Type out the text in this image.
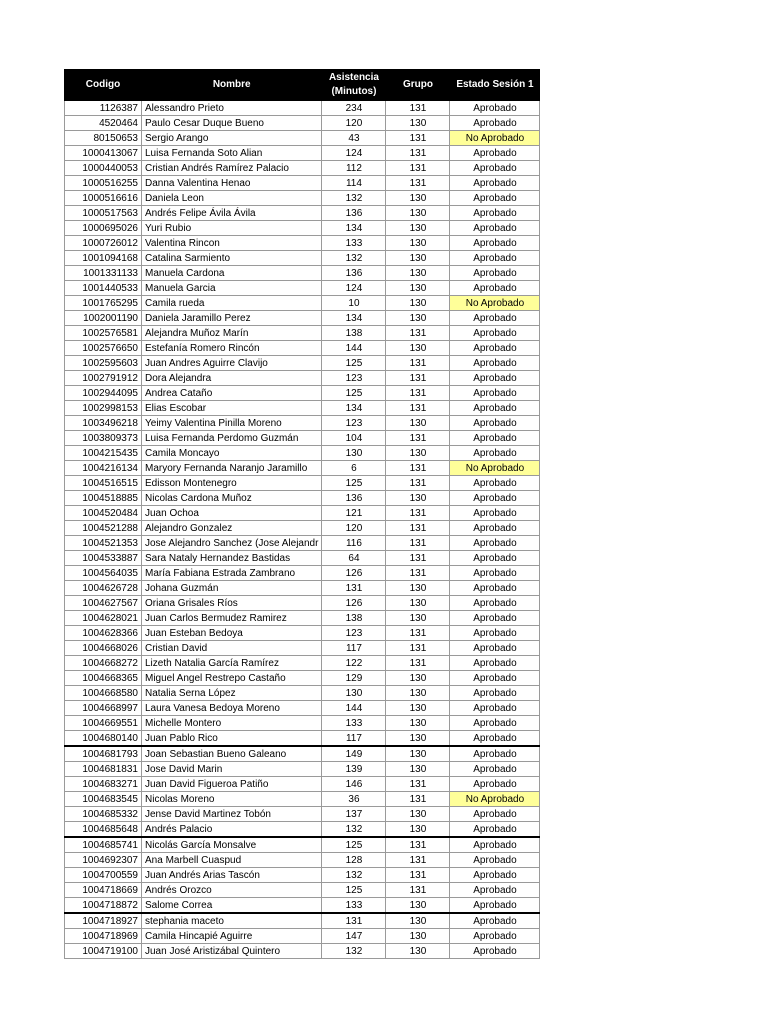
Codigo	Nombre	Asistencia (Minutos)	Grupo	Estado Sesión 1
1126387	Alessandro Prieto	234	131	Aprobado
4520464	Paulo Cesar Duque Bueno	120	130	Aprobado
80150653	Sergio Arango	43	131	No Aprobado
1000413067	Luisa Fernanda Soto Alian	124	131	Aprobado
1000440053	Cristian Andrés Ramírez Palacio	112	131	Aprobado
1000516255	Danna Valentina Henao	114	131	Aprobado
1000516616	Daniela Leon	132	130	Aprobado
1000517563	Andrés Felipe Ávila Ávila	136	130	Aprobado
1000695026	Yuri Rubio	134	130	Aprobado
1000726012	Valentina Rincon	133	130	Aprobado
1001094168	Catalina Sarmiento	132	130	Aprobado
1001331133	Manuela Cardona	136	130	Aprobado
1001440533	Manuela Garcia	124	130	Aprobado
1001765295	Camila rueda	10	130	No Aprobado
1002001190	Daniela Jaramillo Perez	134	130	Aprobado
1002576581	Alejandra Muñoz Marín	138	131	Aprobado
1002576650	Estefanía Romero Rincón	144	130	Aprobado
1002595603	Juan Andres Aguirre Clavijo	125	131	Aprobado
1002791912	Dora Alejandra	123	131	Aprobado
1002944095	Andrea Cataño	125	131	Aprobado
1002998153	Elias Escobar	134	131	Aprobado
1003496218	Yeimy Valentina Pinilla Moreno	123	130	Aprobado
1003809373	Luisa Fernanda Perdomo Guzmán	104	131	Aprobado
1004215435	Camila Moncayo	130	130	Aprobado
1004216134	Maryory Fernanda Naranjo Jaramillo	6	131	No Aprobado
1004516515	Edisson Montenegro	125	131	Aprobado
1004518885	Nicolas Cardona Muñoz	136	130	Aprobado
1004520484	Juan Ochoa	121	131	Aprobado
1004521288	Alejandro Gonzalez	120	131	Aprobado
1004521353	Jose Alejandro Sanchez (Jose Alejandr	116	131	Aprobado
1004533887	Sara Nataly Hernandez Bastidas	64	131	Aprobado
1004564035	María Fabiana Estrada Zambrano	126	131	Aprobado
1004626728	Johana Guzmán	131	130	Aprobado
1004627567	Oriana Grisales Ríos	126	130	Aprobado
1004628021	Juan Carlos Bermudez Ramirez	138	130	Aprobado
1004628366	Juan Esteban Bedoya	123	131	Aprobado
1004668026	Cristian David	117	131	Aprobado
1004668272	Lizeth Natalia García Ramírez	122	131	Aprobado
1004668365	Miguel Angel Restrepo Castaño	129	130	Aprobado
1004668580	Natalia Serna López	130	130	Aprobado
1004668997	Laura Vanesa Bedoya Moreno	144	130	Aprobado
1004669551	Michelle Montero	133	130	Aprobado
1004680140	Juan Pablo Rico	117	130	Aprobado
1004681793	Joan Sebastian Bueno Galeano	149	130	Aprobado
1004681831	Jose David Marin	139	130	Aprobado
1004683271	Juan David Figueroa Patiño	146	131	Aprobado
1004683545	Nicolas Moreno	36	131	No Aprobado
1004685332	Jense David Martinez Tobón	137	130	Aprobado
1004685648	Andrés Palacio	132	130	Aprobado
1004685741	Nicolás García Monsalve	125	131	Aprobado
1004692307	Ana Marbell Cuaspud	128	131	Aprobado
1004700559	Juan Andrés Arias Tascón	132	131	Aprobado
1004718669	Andrés Orozco	125	131	Aprobado
1004718872	Salome Correa	133	130	Aprobado
1004718927	stephania maceto	131	130	Aprobado
1004718969	Camila Hincapié Aguirre	147	130	Aprobado
1004719100	Juan José Aristizábal Quintero	132	130	Aprobado
